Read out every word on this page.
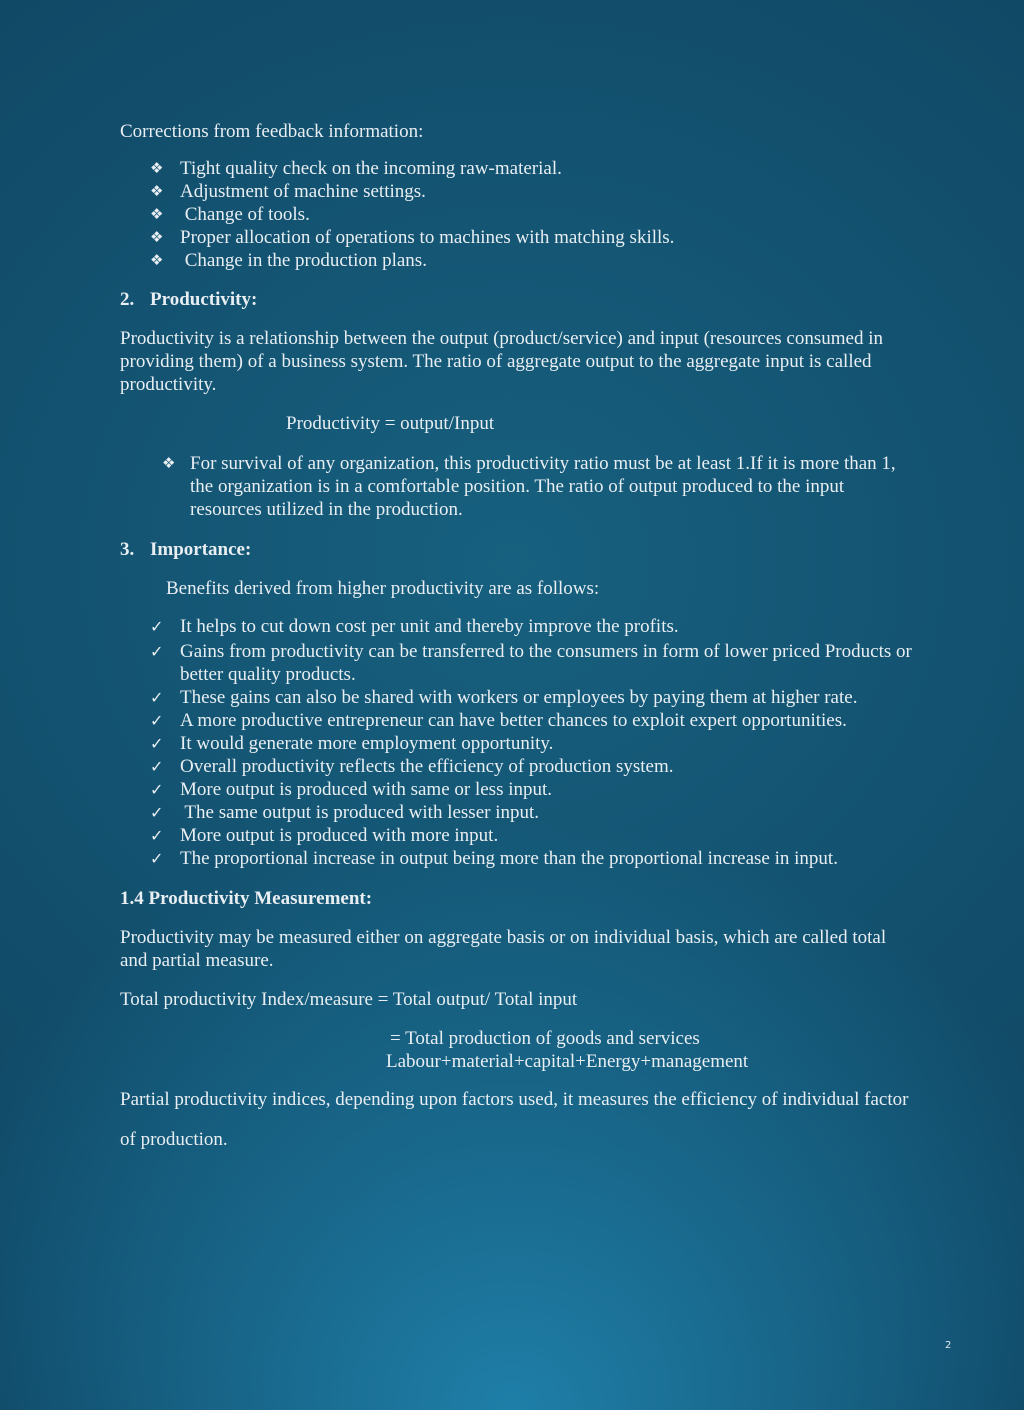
Corrections from feedback information:

❖ Tight quality check on the incoming raw-material.
❖ Adjustment of machine settings.
❖ Change of tools.
❖ Proper allocation of operations to machines with matching skills.
❖ Change in the production plans.

2. Productivity:

Productivity is a relationship between the output (product/service) and input (resources consumed in providing them) of a business system. The ratio of aggregate output to the aggregate input is called productivity.

Productivity = output/Input

❖ For survival of any organization, this productivity ratio must be at least 1.If it is more than 1, the organization is in a comfortable position. The ratio of output produced to the input resources utilized in the production.

3. Importance:

Benefits derived from higher productivity are as follows:

✓ It helps to cut down cost per unit and thereby improve the profits.
✓ Gains from productivity can be transferred to the consumers in form of lower priced Products or better quality products.
✓ These gains can also be shared with workers or employees by paying them at higher rate.
✓ A more productive entrepreneur can have better chances to exploit expert opportunities.
✓ It would generate more employment opportunity.
✓ Overall productivity reflects the efficiency of production system.
✓ More output is produced with same or less input.
✓ The same output is produced with lesser input.
✓ More output is produced with more input.
✓ The proportional increase in output being more than the proportional increase in input.

1.4 Productivity Measurement:

Productivity may be measured either on aggregate basis or on individual basis, which are called total and partial measure.

Total productivity Index/measure = Total output/ Total input

= Total production of goods and services
Labour+material+capital+Energy+management

Partial productivity indices, depending upon factors used, it measures the efficiency of individual factor of production.

2
